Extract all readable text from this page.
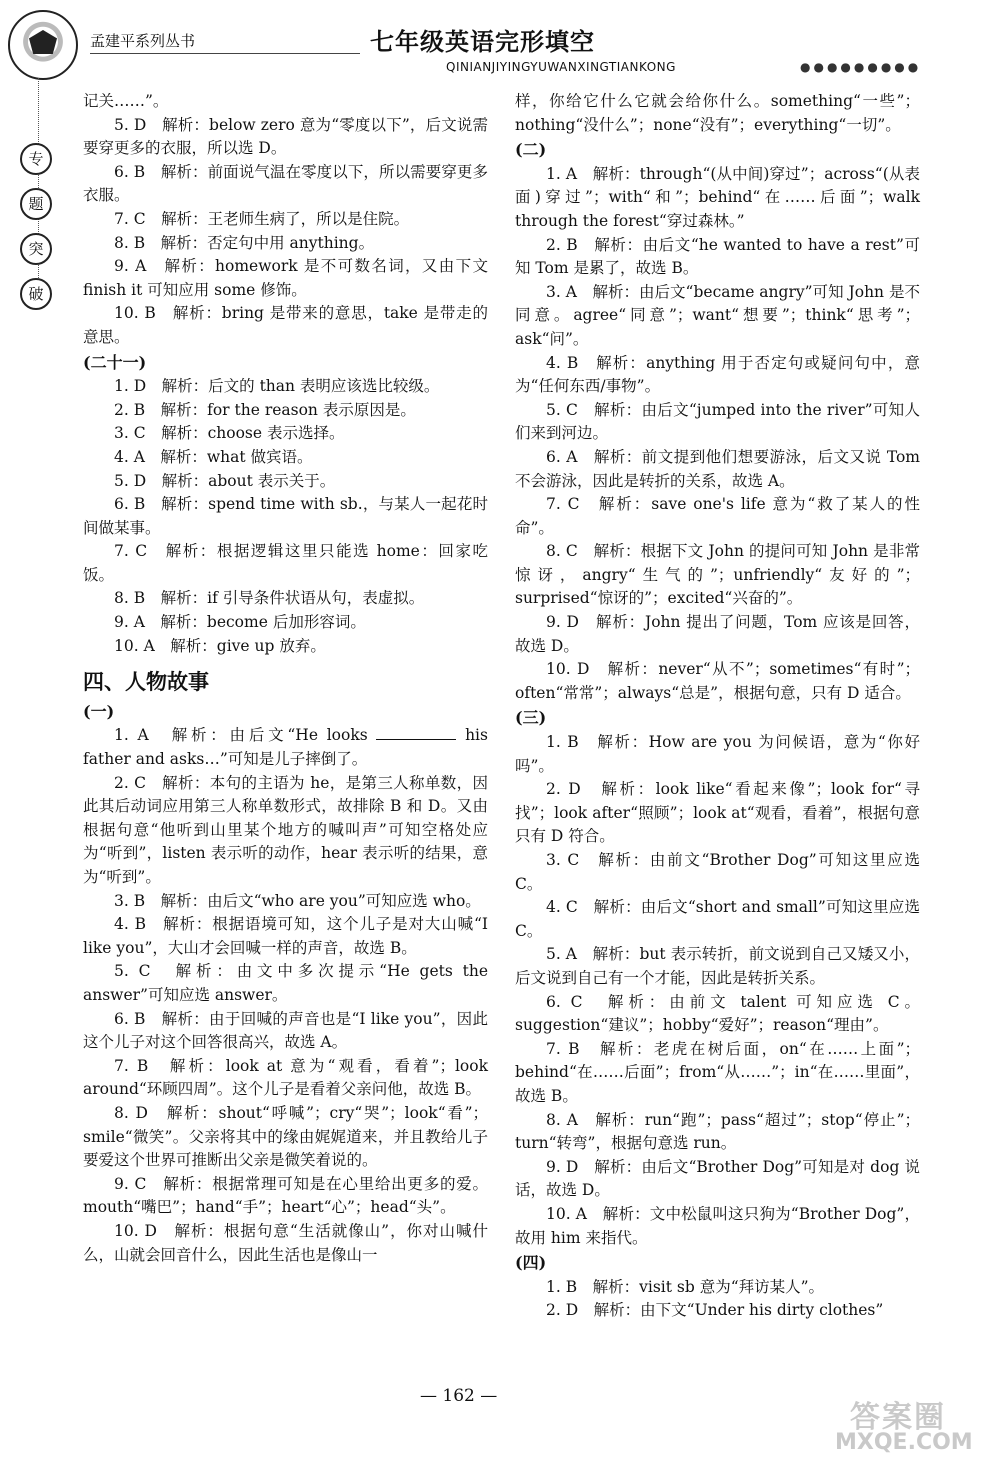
孟建平系列丛书	七年级英语完形填空
QINIANJIYINGYUWANXINGTIANKONG	●●●●●●●●●
专
题
突
破

记关……”。

5. D　解析：below zero 意为“零度以下”，后文说需要穿更多的衣服，所以选 D。

6. B　解析：前面说气温在零度以下，所以需要穿更多衣服。

7. C　解析：王老师生病了，所以是住院。

8. B　解析：否定句中用 anything。

9. A　解析：homework 是不可数名词，又由下文 finish it 可知应用 some 修饰。

10. B　解析：bring 是带来的意思，take 是带走的意思。

(二十一)

1. D　解析：后文的 than 表明应该选比较级。

2. B　解析：for the reason 表示原因是。

3. C　解析：choose 表示选择。

4. A　解析：what 做宾语。

5. D　解析：about 表示关于。

6. B　解析：spend time with sb.，与某人一起花时间做某事。

7. C　解析：根据逻辑这里只能选 home：回家吃饭。

8. B　解析：if 引导条件状语从句，表虚拟。

9. A　解析：become 后加形容词。

10. A　解析：give up 放弃。

四、人物故事

(一)

1. A　解析：由后文“He looks	his father and asks…”可知是儿子摔倒了。

2. C　解析：本句的主语为 he，是第三人称单数，因此其后动词应用第三人称单数形式，故排除 B 和 D。又由根据句意“他听到山里某个地方的喊叫声”可知空格处应为“听到”，listen 表示听的动作，hear 表示听的结果，意为“听到”。

3. B　解析：由后文“who are you”可知应选 who。

4. B　解析：根据语境可知，这个儿子是对大山喊“I like you”，大山才会回喊一样的声音，故选 B。

5. C　解析：由文中多次提示“He gets the answer”可知应选 answer。

6. B　解析：由于回喊的声音也是“I like you”，因此这个儿子对这个回答很高兴，故选 A。

7. B　解析：look at 意为“观看，看着”；look around“环顾四周”。这个儿子是看着父亲问他，故选 B。

8. D　解析：shout“呼喊”；cry“哭”；look“看”；smile“微笑”。父亲将其中的缘由娓娓道来，并且教给儿子要爱这个世界可推断出父亲是微笑着说的。

9. C　解析：根据常理可知是在心里给出更多的爱。mouth“嘴巴”；hand“手”；heart“心”；head“头”。

10. D　解析：根据句意“生活就像山”，你对山喊什么，山就会回音什么，因此生活也是像山一

样，你给它什么它就会给你什么。something“一些”；nothing“没什么”；none“没有”；everything“一切”。

(二)

1. A　解析：through“(从中间)穿过”；across“(从表面)穿过”；with“和”；behind“在……后面”；walk through the forest“穿过森林。”

2. B　解析：由后文“he wanted to have a rest”可知 Tom 是累了，故选 B。

3. A　解析：由后文“became angry”可知 John 是不同意。agree“同意”；want“想要”；think“思考”；ask“问”。

4. B　解析：anything 用于否定句或疑问句中，意为“任何东西/事物”。

5. C　解析：由后文“jumped into the river”可知人们来到河边。

6. A　解析：前文提到他们想要游泳，后文又说 Tom 不会游泳，因此是转折的关系，故选 A。

7. C　解析：save one's life 意为“救了某人的性命”。

8. C　解析：根据下文 John 的提问可知 John 是非常惊讶，angry“生气的”；unfriendly“友好的”；surprised“惊讶的”；excited“兴奋的”。

9. D　解析：John 提出了问题，Tom 应该是回答，故选 D。

10. D　解析：never“从不”；sometimes“有时”；often“常常”；always“总是”，根据句意，只有 D 适合。

(三)

1. B　解析：How are you 为问候语，意为“你好吗”。

2. D　解析：look like“看起来像”；look for“寻找”；look after“照顾”；look at“观看，看着”，根据句意只有 D 符合。

3. C　解析：由前文“Brother Dog”可知这里应选 C。

4. C　解析：由后文“short and small”可知这里应选 C。

5. A　解析：but 表示转折，前文说到自己又矮又小，后文说到自己有一个才能，因此是转折关系。

6. C　解析：由前文 talent 可知应选 C。suggestion“建议”；hobby“爱好”；reason“理由”。

7. B　解析：老虎在树后面，on“在……上面”；behind“在……后面”；from“从……”；in“在……里面”，故选 B。

8. A　解析：run“跑”；pass“超过”；stop“停止”；turn“转弯”，根据句意选 run。

9. D　解析：由后文“Brother Dog”可知是对 dog 说话，故选 D。

10. A　解析：文中松鼠叫这只狗为“Brother Dog”，故用 him 来指代。

(四)

1. B　解析：visit sb 意为“拜访某人”。

2. D　解析：由下文“Under his dirty clothes”

— 162 —
答案圈
MXQE.COM
